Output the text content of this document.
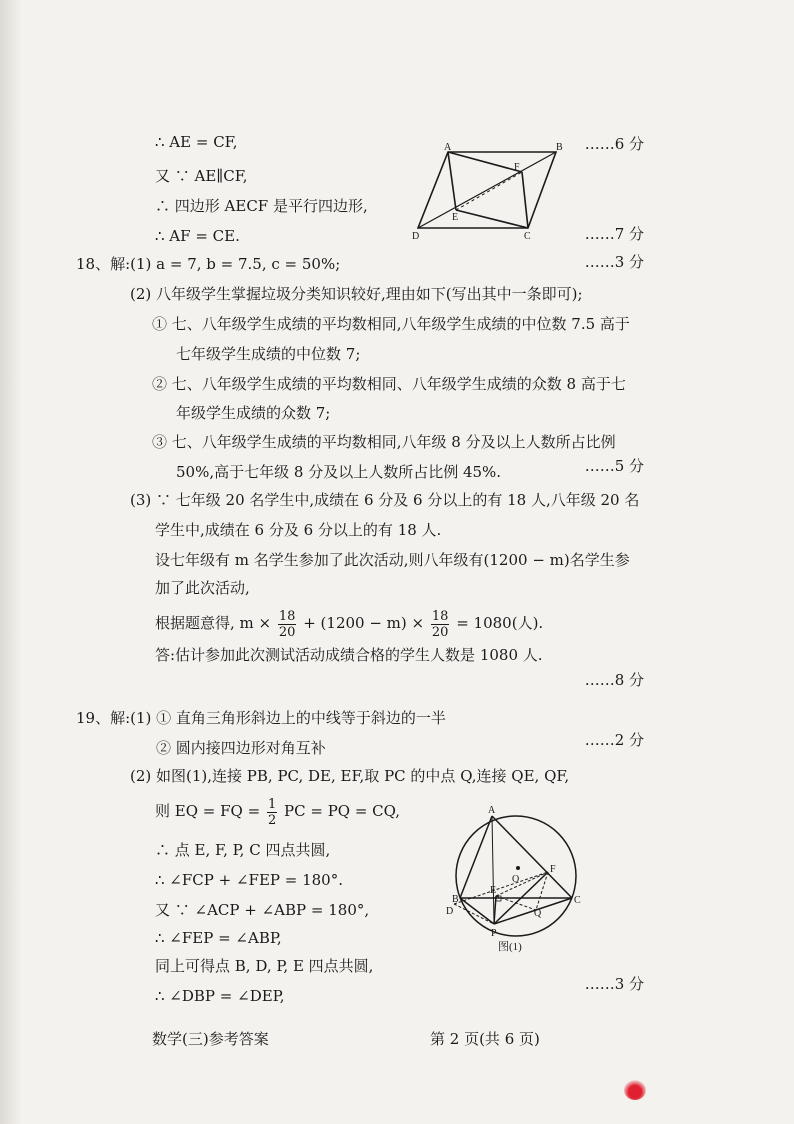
∴ AE = CF,
又 ∵ AE∥CF,
∴ 四边形 AECF 是平行四边形,
∴ AF = CE.
……6 分
……7 分
A	B
C
D
E
F
18、解:(1) a = 7, b = 7.5, c = 50%;	……3 分
(2) 八年级学生掌握垃圾分类知识较好,理由如下(写出其中一条即可);
① 七、八年级学生成绩的平均数相同,八年级学生成绩的中位数 7.5 高于
七年级学生成绩的中位数 7;
② 七、八年级学生成绩的平均数相同、八年级学生成绩的众数 8 高于七
年级学生成绩的众数 7;
③ 七、八年级学生成绩的平均数相同,八年级 8 分及以上人数所占比例
50%,高于七年级 8 分及以上人数所占比例 45%.	……5 分
(3) ∵ 七年级 20 名学生中,成绩在 6 分及 6 分以上的有 18 人,八年级 20 名
学生中,成绩在 6 分及 6 分以上的有 18 人.
设七年级有 m 名学生参加了此次活动,则八年级有(1200 − m)名学生参
加了此次活动,
根据题意得, $m \times \frac{18}{20} + (1200 - m) \times \frac{18}{20} = 1080$(人).
答:估计参加此次测试活动成绩合格的学生人数是 1080 人.
……8 分
19、解:(1) ① 直角三角形斜边上的中线等于斜边的一半
② 圆内接四边形对角互补	……2 分
(2) 如图(1),连接 PB, PC, DE, EF,取 PC 的中点 Q,连接 QE, QF,
则 EQ = FQ = $\frac{1}{2}$ PC = PQ = CQ,
∴ 点 E, F, P, C 四点共圆,
∴ ∠FCP + ∠FEP = 180°.
又 ∵ ∠ACP + ∠ABP = 180°,
∴ ∠FEP = ∠ABP,
同上可得点 B, D, P, E 四点共圆,
∴ ∠DBP = ∠DEP,
……3 分
A
B	C
D
E
F
P
O
Q
图(1)
数学(三)参考答案	第 2 页(共 6 页)
